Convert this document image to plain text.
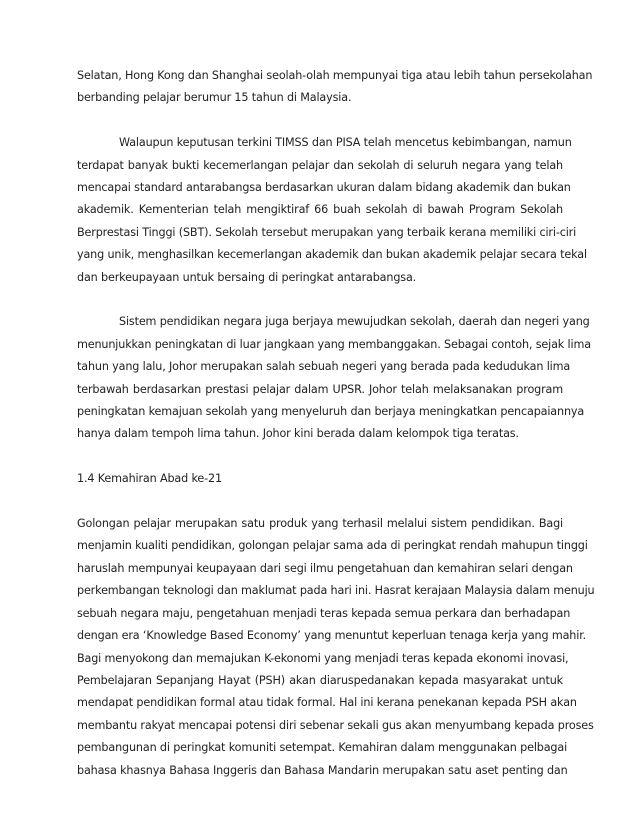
Selatan, Hong Kong dan Shanghai seolah-olah mempunyai tiga atau lebih tahun persekolahan
berbanding pelajar berumur 15 tahun di Malaysia.
Walaupun keputusan terkini TIMSS dan PISA telah mencetus kebimbangan, namun
terdapat banyak bukti kecemerlangan pelajar dan sekolah di seluruh negara yang telah
mencapai standard antarabangsa berdasarkan ukuran dalam bidang akademik dan bukan
akademik. Kementerian telah mengiktiraf 66 buah sekolah di bawah Program Sekolah
Berprestasi Tinggi (SBT). Sekolah tersebut merupakan yang terbaik kerana memiliki ciri-ciri
yang unik, menghasilkan kecemerlangan akademik dan bukan akademik pelajar secara tekal
dan berkeupayaan untuk bersaing di peringkat antarabangsa.
Sistem pendidikan negara juga berjaya mewujudkan sekolah, daerah dan negeri yang
menunjukkan peningkatan di luar jangkaan yang membanggakan. Sebagai contoh, sejak lima
tahun yang lalu, Johor merupakan salah sebuah negeri yang berada pada kedudukan lima
terbawah berdasarkan prestasi pelajar dalam UPSR. Johor telah melaksanakan program
peningkatan kemajuan sekolah yang menyeluruh dan berjaya meningkatkan pencapaiannya
hanya dalam tempoh lima tahun. Johor kini berada dalam kelompok tiga teratas.
1.4 Kemahiran Abad ke-21
Golongan pelajar merupakan satu produk yang terhasil melalui sistem pendidikan. Bagi
menjamin kualiti pendidikan, golongan pelajar sama ada di peringkat rendah mahupun tinggi
haruslah mempunyai keupayaan dari segi ilmu pengetahuan dan kemahiran selari dengan
perkembangan teknologi dan maklumat pada hari ini. Hasrat kerajaan Malaysia dalam menuju
sebuah negara maju, pengetahuan menjadi teras kepada semua perkara dan berhadapan
dengan era ‘Knowledge Based Economy’ yang menuntut keperluan tenaga kerja yang mahir.
Bagi menyokong dan memajukan K-ekonomi yang menjadi teras kepada ekonomi inovasi,
Pembelajaran Sepanjang Hayat (PSH) akan diaruspedanakan kepada masyarakat untuk
mendapat pendidikan formal atau tidak formal. Hal ini kerana penekanan kepada PSH akan
membantu rakyat mencapai potensi diri sebenar sekali gus akan menyumbang kepada proses
pembangunan di peringkat komuniti setempat. Kemahiran dalam menggunakan pelbagai
bahasa khasnya Bahasa Inggeris dan Bahasa Mandarin merupakan satu aset penting dan
